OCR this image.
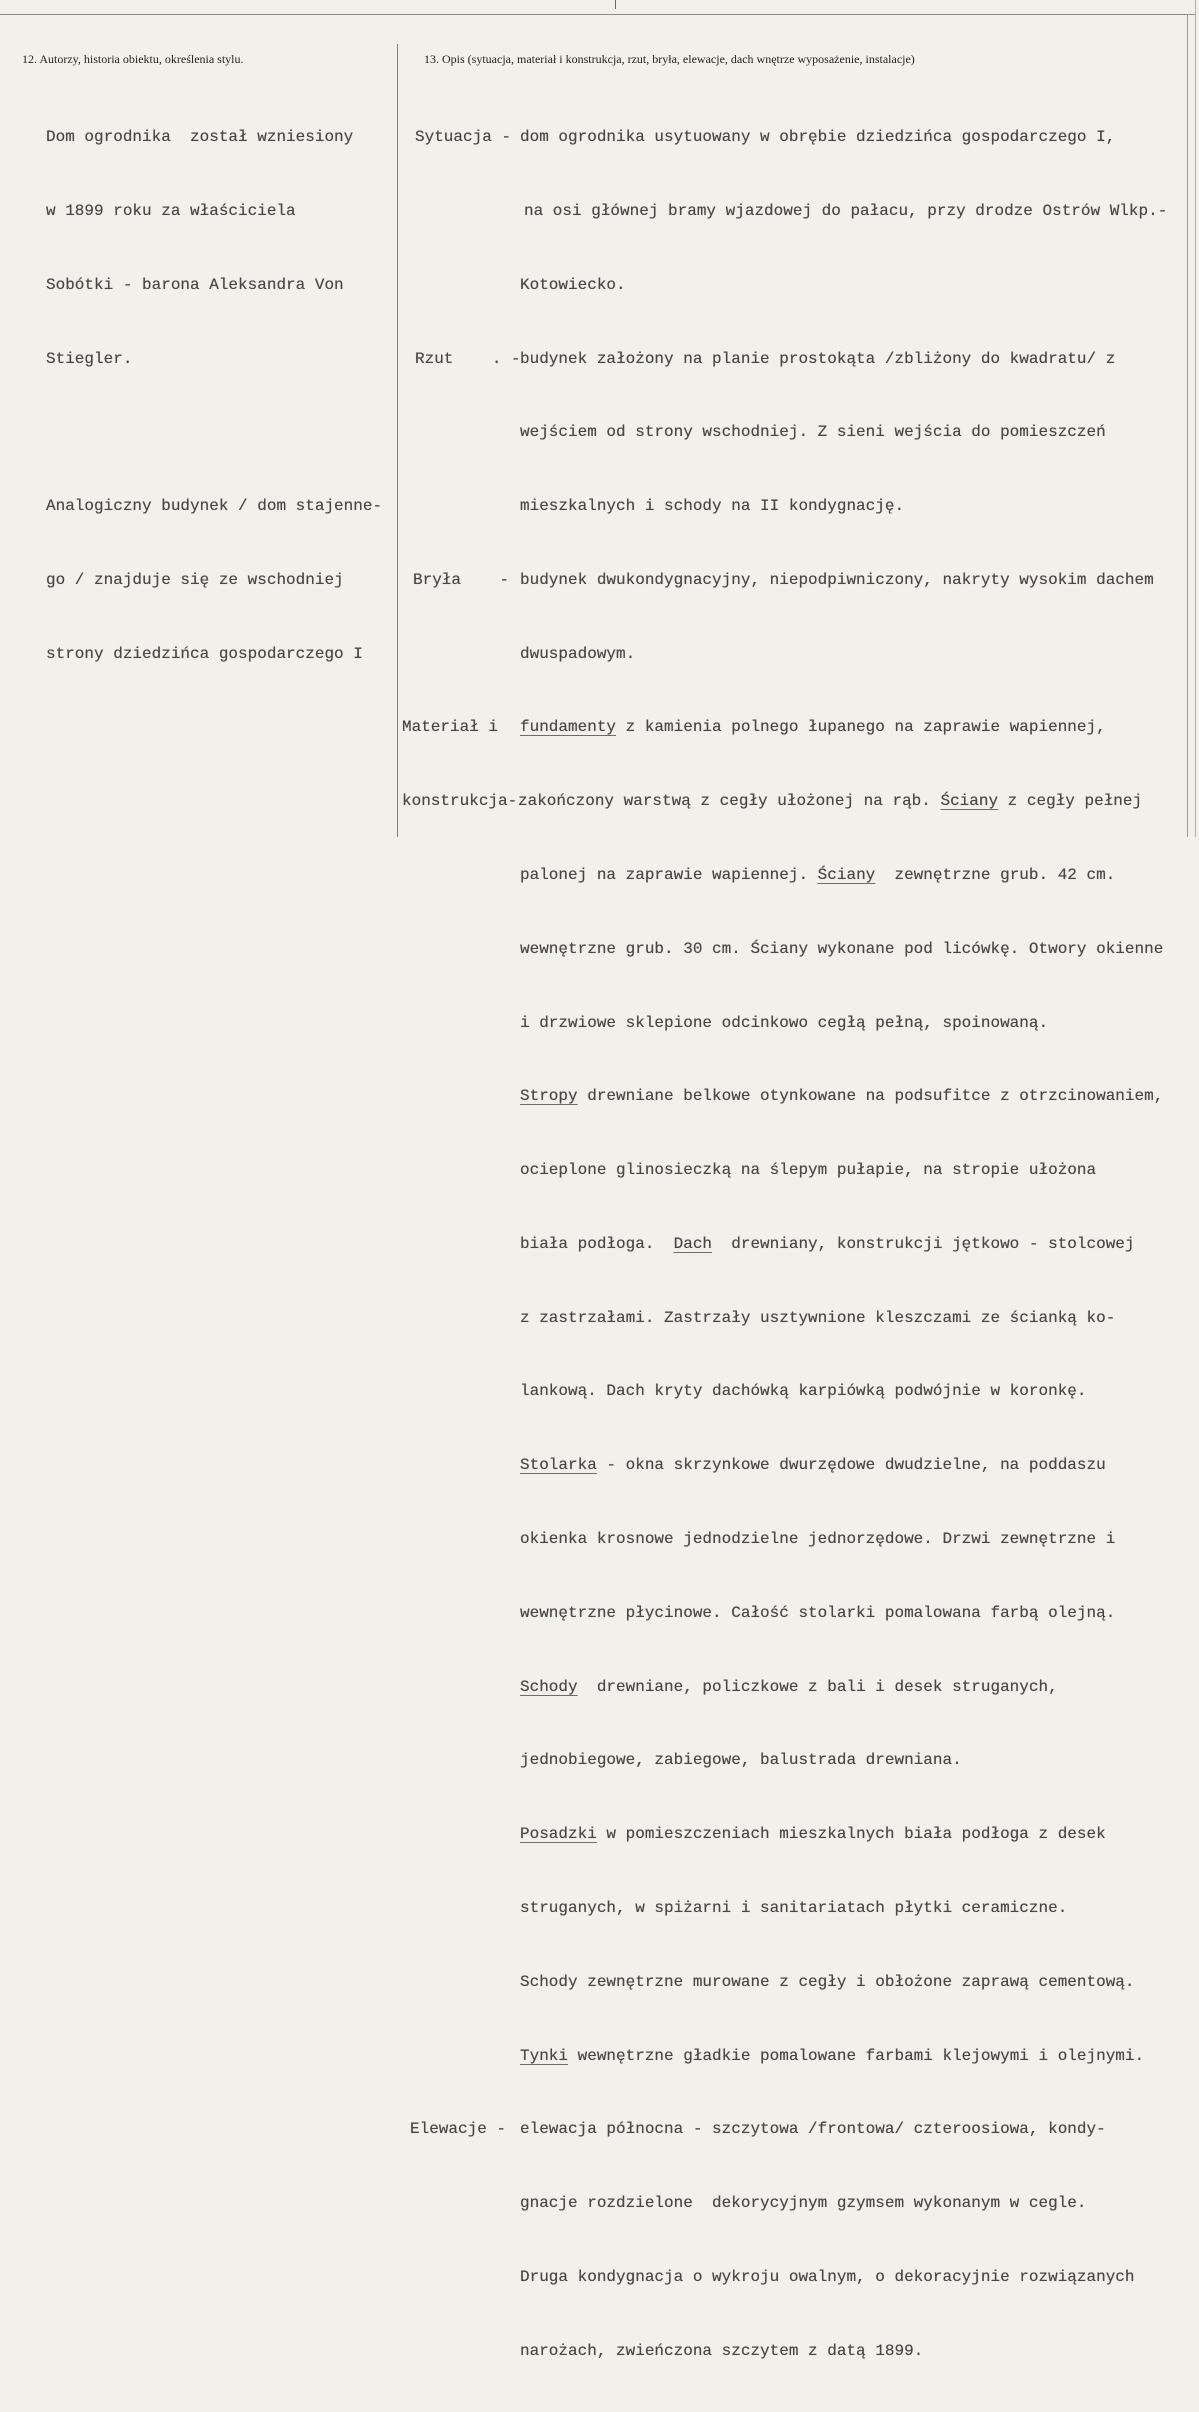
12. Autorzy, historia obiektu, określenia stylu.	13. Opis (sytuacja, materiał i konstrukcja, rzut, bryła, elewacje, dach wnętrze wyposażenie, instalacje)

Dom ogrodnika  został wzniesiony

w 1899 roku za właściciela

Sobótki - barona Aleksandra Von

Stiegler.

Analogiczny budynek / dom stajenne-

go / znajduje się ze wschodniej

strony dziedzińca gospodarczego I

Sytuacja -

dom ogrodnika usytuowany w obrębie dziedzińca gospodarczego I,

na osi głównej bramy wjazdowej do pałacu, przy drodze Ostrów Wlkp.-

Kotowiecko.

Rzut    . -

budynek założony na planie prostokąta /zbliżony do kwadratu/ z

wejściem od strony wschodniej. Z sieni wejścia do pomieszczeń

mieszkalnych i schody na II kondygnację.

Bryła    -

budynek dwukondygnacyjny, niepodpiwniczony, nakryty wysokim dachem

dwuspadowym.

Materiał i

fundamenty z kamienia polnego łupanego na zaprawie wapiennej,

konstrukcja-

zakończony warstwą z cegły ułożonej na rąb. Ściany z cegły pełnej

palonej na zaprawie wapiennej. Ściany  zewnętrzne grub. 42 cm.

wewnętrzne grub. 30 cm. Ściany wykonane pod licówkę. Otwory okienne

i drzwiowe sklepione odcinkowo cegłą pełną, spoinowaną.

Stropy drewniane belkowe otynkowane na podsufitce z otrzcinowaniem,

ocieplone glinosieczką na ślepym pułapie, na stropie ułożona

biała podłoga.  Dach  drewniany, konstrukcji jętkowo - stolcowej

z zastrzałami. Zastrzały usztywnione kleszczami ze ścianką ko-

lankową. Dach kryty dachówką karpiówką podwójnie w koronkę.

Stolarka - okna skrzynkowe dwurzędowe dwudzielne, na poddaszu

okienka krosnowe jednodzielne jednorzędowe. Drzwi zewnętrzne i

wewnętrzne płycinowe. Całość stolarki pomalowana farbą olejną.

Schody  drewniane, policzkowe z bali i desek struganych,

jednobiegowe, zabiegowe, balustrada drewniana.

Posadzki w pomieszczeniach mieszkalnych biała podłoga z desek

struganych, w spiżarni i sanitariatach płytki ceramiczne.

Schody zewnętrzne murowane z cegły i obłożone zaprawą cementową.

Tynki wewnętrzne gładkie pomalowane farbami klejowymi i olejnymi.

Elewacje -

elewacja północna - szczytowa /frontowa/ czteroosiowa, kondy-

gnacje rozdzielone  dekorycyjnym gzymsem wykonanym w cegle.

Druga kondygnacja o wykroju owalnym, o dekoracyjnie rozwiązanych

narożach, zwieńczona szczytem z datą 1899.
